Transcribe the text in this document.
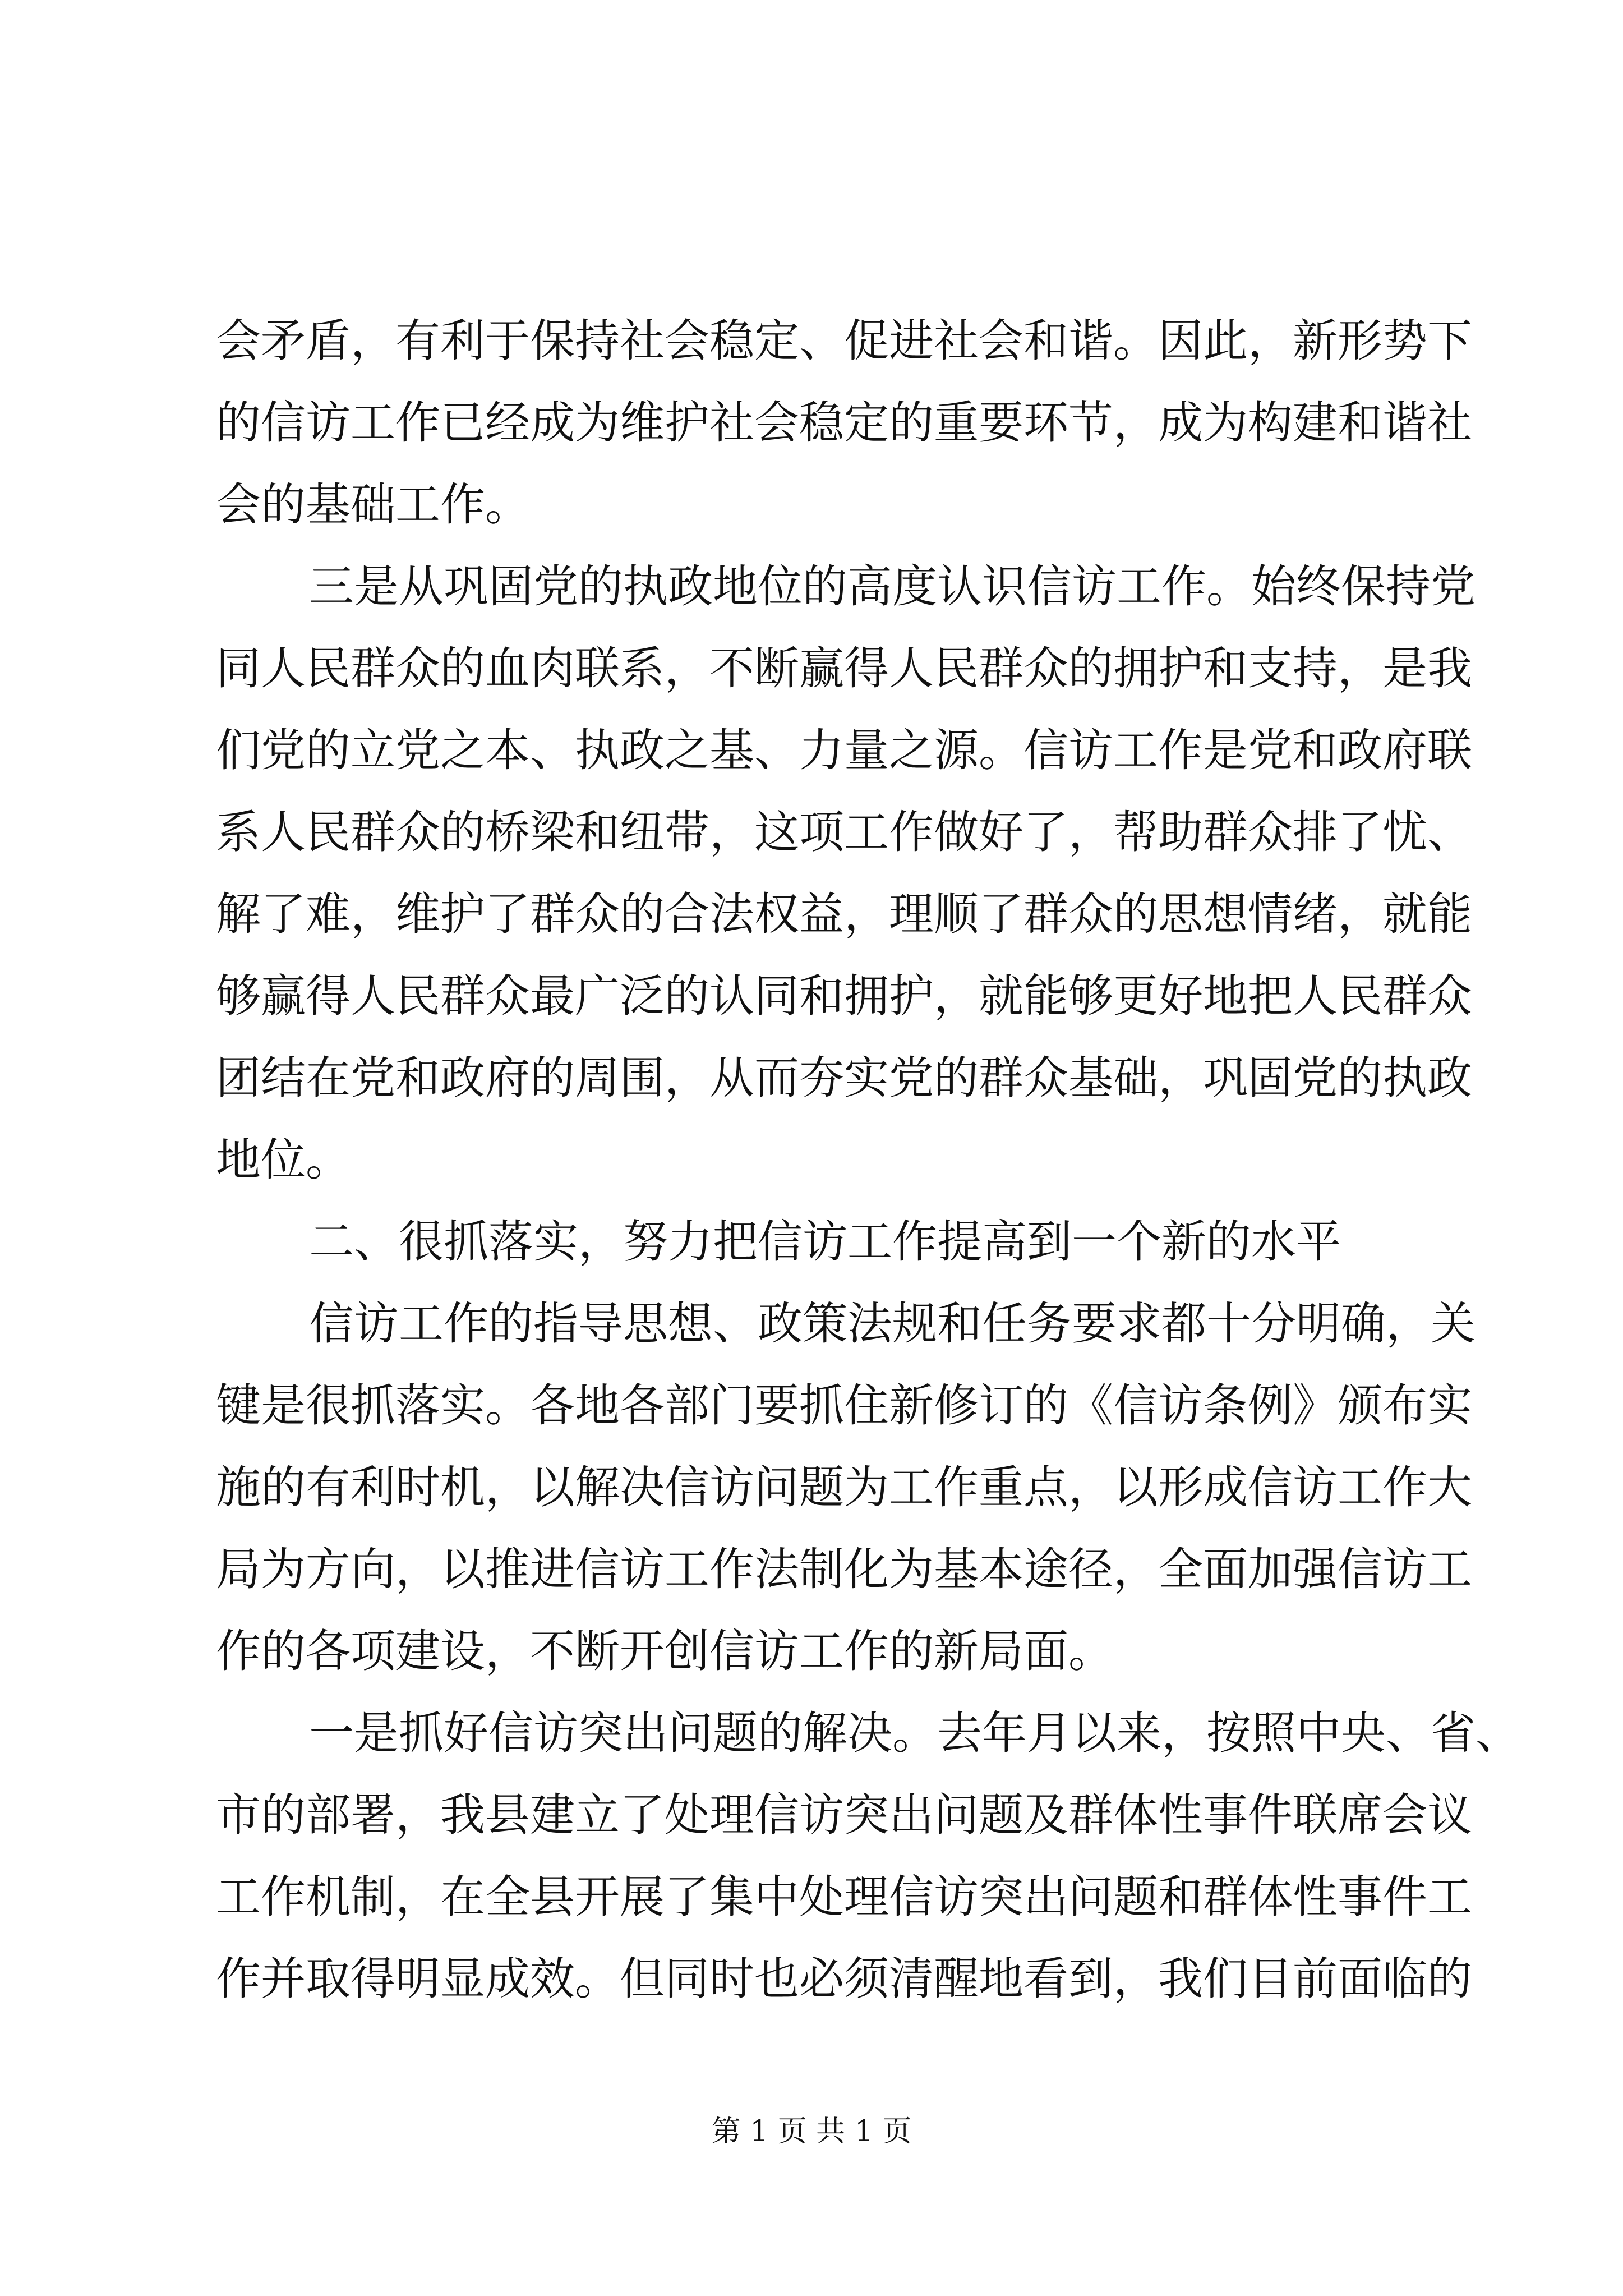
会矛盾，有利于保持社会稳定、促进社会和谐。因此，新形势下
的信访工作已经成为维护社会稳定的重要环节，成为构建和谐社
会的基础工作。
三是从巩固党的执政地位的高度认识信访工作。始终保持党
同人民群众的血肉联系，不断赢得人民群众的拥护和支持，是我
们党的立党之本、执政之基、力量之源。信访工作是党和政府联
系人民群众的桥梁和纽带，这项工作做好了，帮助群众排了忧、
解了难，维护了群众的合法权益，理顺了群众的思想情绪，就能
够赢得人民群众最广泛的认同和拥护，就能够更好地把人民群众
团结在党和政府的周围，从而夯实党的群众基础，巩固党的执政
地位。
二、很抓落实，努力把信访工作提高到一个新的水平
信访工作的指导思想、政策法规和任务要求都十分明确，关
键是很抓落实。各地各部门要抓住新修订的《信访条例》颁布实
施的有利时机，以解决信访问题为工作重点，以形成信访工作大
局为方向，以推进信访工作法制化为基本途径，全面加强信访工
作的各项建设，不断开创信访工作的新局面。
一是抓好信访突出问题的解决。去年月以来，按照中央、省、
市的部署，我县建立了处理信访突出问题及群体性事件联席会议
工作机制，在全县开展了集中处理信访突出问题和群体性事件工
作并取得明显成效。但同时也必须清醒地看到，我们目前面临的
第 1 页 共 1 页
